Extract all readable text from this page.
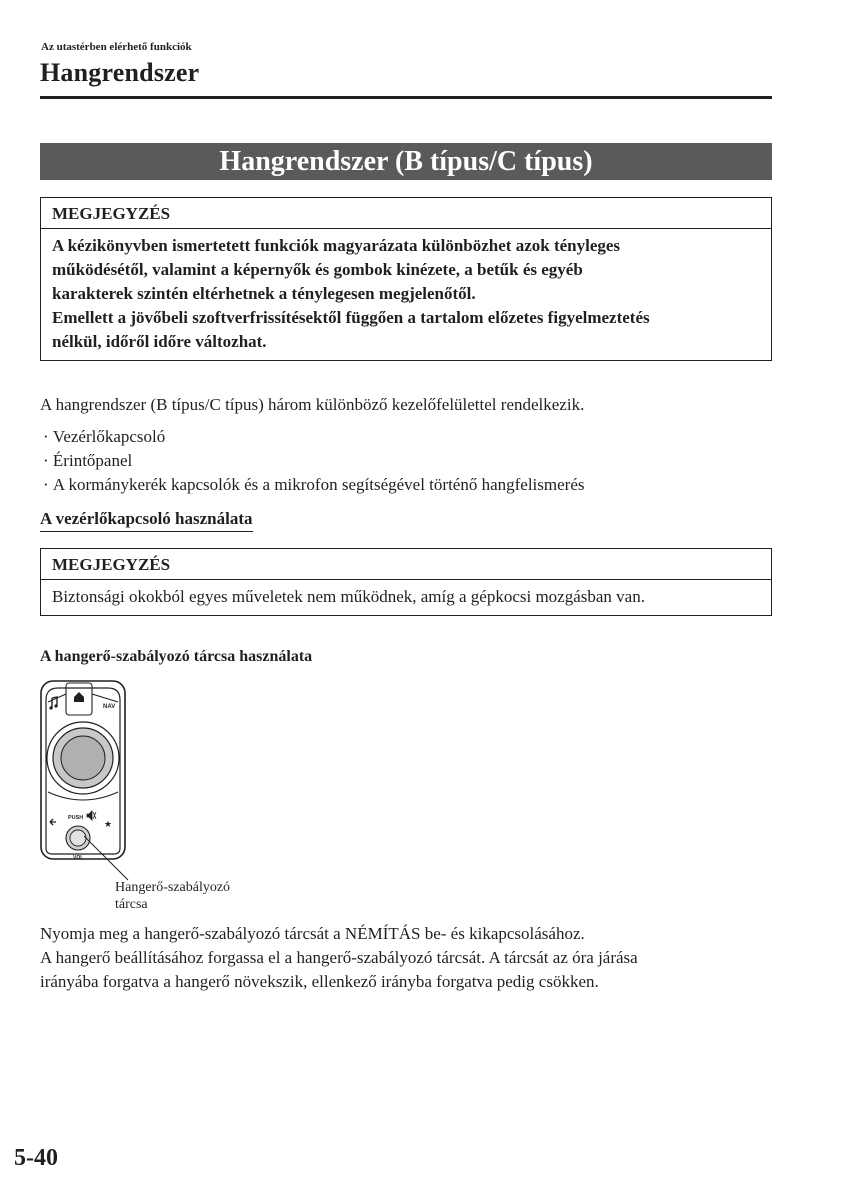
Az utastérben elérhető funkciók
Hangrendszer
Hangrendszer (B típus/C típus)
MEGJEGYZÉS
A kézikönyvben ismertetett funkciók magyarázata különbözhet azok tényleges
működésétől, valamint a képernyők és gombok kinézete, a betűk és egyéb
karakterek szintén eltérhetnek a ténylegesen megjelenőtől.
Emellett a jövőbeli szoftverfrissítésektől függően a tartalom előzetes figyelmeztetés
nélkül, időről időre változhat.
A hangrendszer (B típus/C típus) három különböző kezelőfelülettel rendelkezik.
· Vezérlőkapcsoló
· Érintőpanel
· A kormánykerék kapcsolók és a mikrofon segítségével történő hangfelismerés
A vezérlőkapcsoló használata
MEGJEGYZÉS
Biztonsági okokból egyes műveletek nem működnek, amíg a gépkocsi mozgásban van.
A hangerő-szabályozó tárcsa használata
NAV
★
PUSH
VOL
Hangerő-szabályozó
tárcsa
Nyomja meg a hangerő-szabályozó tárcsát a NÉMÍTÁS be- és kikapcsolásához.
A hangerő beállításához forgassa el a hangerő-szabályozó tárcsát. A tárcsát az óra járása
irányába forgatva a hangerő növekszik, ellenkező irányba forgatva pedig csökken.
5-40
